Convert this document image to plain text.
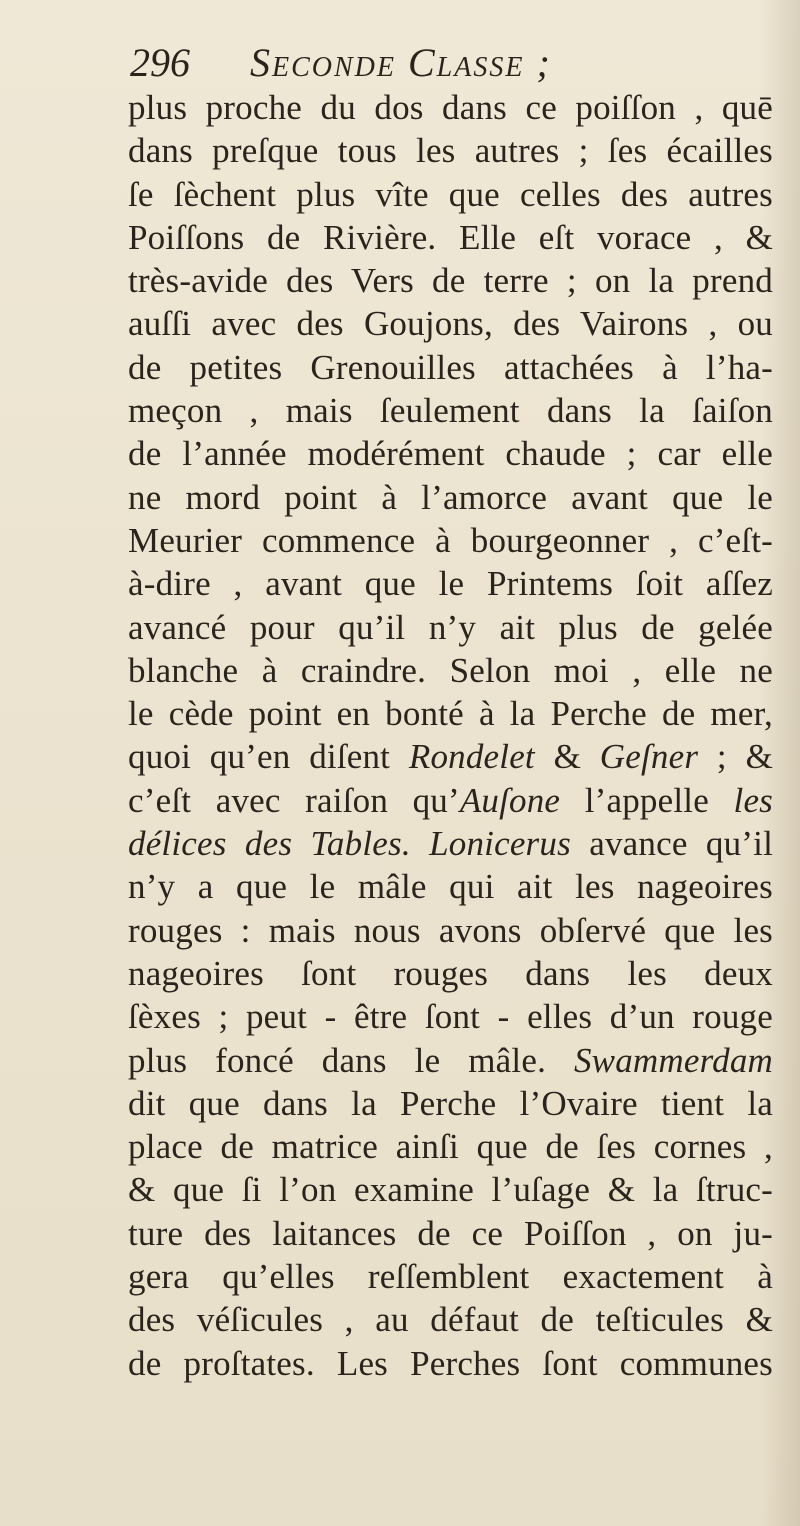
296 Seconde Classe ;
plus proche du dos dans ce poiſſon , quē
dans preſque tous les autres ; ſes écailles
ſe ſèchent plus vîte que celles des autres
Poiſſons de Rivière. Elle eſt vorace , &
très-avide des Vers de terre ; on la prend
auſſi avec des Goujons, des Vairons , ou
de petites Grenouilles attachées à l’ha-
meçon , mais ſeulement dans la ſaiſon
de l’année modérément chaude ; car elle
ne mord point à l’amorce avant que le
Meurier commence à bourgeonner , c’eſt-
à-dire , avant que le Printems ſoit aſſez
avancé pour qu’il n’y ait plus de gelée
blanche à craindre. Selon moi , elle ne
le cède point en bonté à la Perche de mer,
quoi qu’en diſent Rondelet & Geſner ; &
c’eſt avec raiſon qu’Auſone l’appelle les
délices des Tables. Lonicerus avance qu’il
n’y a que le mâle qui ait les nageoires
rouges : mais nous avons obſervé que les
nageoires ſont rouges dans les deux
ſèxes ; peut - être ſont - elles d’un rouge
plus foncé dans le mâle. Swammerdam
dit que dans la Perche l’Ovaire tient la
place de matrice ainſi que de ſes cornes ,
& que ſi l’on examine l’uſage & la ſtruc-
ture des laitances de ce Poiſſon , on ju-
gera qu’elles reſſemblent exactement à
des véſicules , au défaut de teſticules &
de proſtates. Les Perches ſont communes
